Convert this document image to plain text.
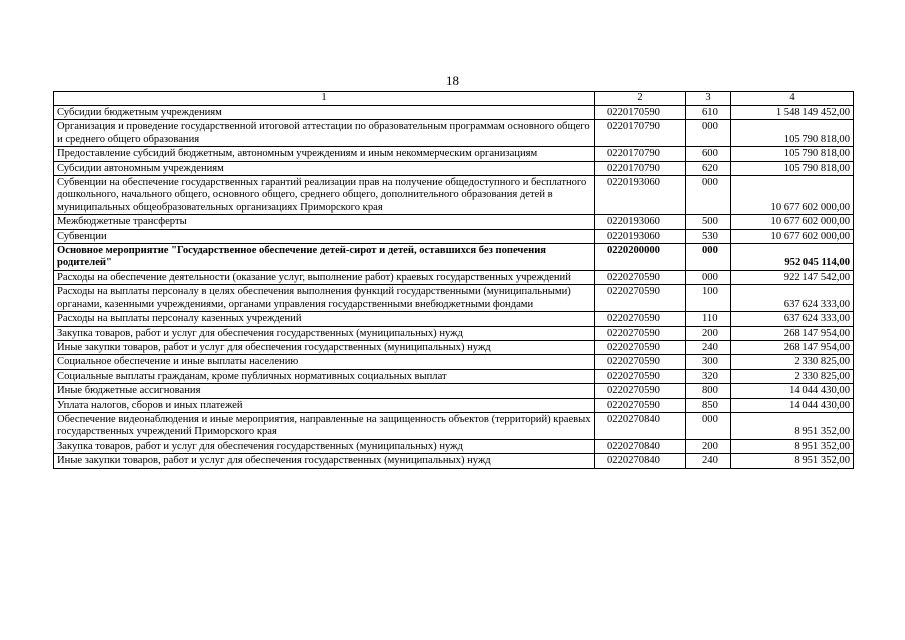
18
1	2	3	4
Субсидии бюджетным учреждениям	0220170590	610	1 548 149 452,00
Организация и проведение государственной итоговой аттестации по образовательным программам основного общего и среднего общего образования	0220170790	000	105 790 818,00
Предоставление субсидий бюджетным, автономным учреждениям и иным некоммерческим организациям	0220170790	600	105 790 818,00
Субсидии автономным учреждениям	0220170790	620	105 790 818,00
Субвенции на обеспечение государственных гарантий реализации прав на получение общедоступного и бесплатного дошкольного, начального общего, основного общего, среднего общего, дополнительного образования детей в муниципальных общеобразовательных организациях Приморского края	0220193060	000	10 677 602 000,00
Межбюджетные трансферты	0220193060	500	10 677 602 000,00
Субвенции	0220193060	530	10 677 602 000,00
Основное мероприятие "Государственное обеспечение детей-сирот и детей, оставшихся без попечения родителей"	0220200000	000	952 045 114,00
Расходы на обеспечение деятельности (оказание услуг, выполнение работ) краевых государственных учреждений	0220270590	000	922 147 542,00
Расходы на выплаты персоналу в целях обеспечения выполнения функций государственными (муниципальными) органами, казенными учреждениями, органами управления государственными внебюджетными фондами	0220270590	100	637 624 333,00
Расходы на выплаты персоналу казенных учреждений	0220270590	110	637 624 333,00
Закупка товаров, работ и услуг для обеспечения государственных (муниципальных) нужд	0220270590	200	268 147 954,00
Иные закупки товаров, работ и услуг для обеспечения государственных (муниципальных) нужд	0220270590	240	268 147 954,00
Социальное обеспечение и иные выплаты населению	0220270590	300	2 330 825,00
Социальные выплаты гражданам, кроме публичных нормативных социальных выплат	0220270590	320	2 330 825,00
Иные бюджетные ассигнования	0220270590	800	14 044 430,00
Уплата налогов, сборов и иных платежей	0220270590	850	14 044 430,00
Обеспечение видеонаблюдения и иные мероприятия, направленные на защищенность объектов (территорий) краевых государственных учреждений Приморского края	0220270840	000	8 951 352,00
Закупка товаров, работ и услуг для обеспечения государственных (муниципальных) нужд	0220270840	200	8 951 352,00
Иные закупки товаров, работ и услуг для обеспечения государственных (муниципальных) нужд	0220270840	240	8 951 352,00
